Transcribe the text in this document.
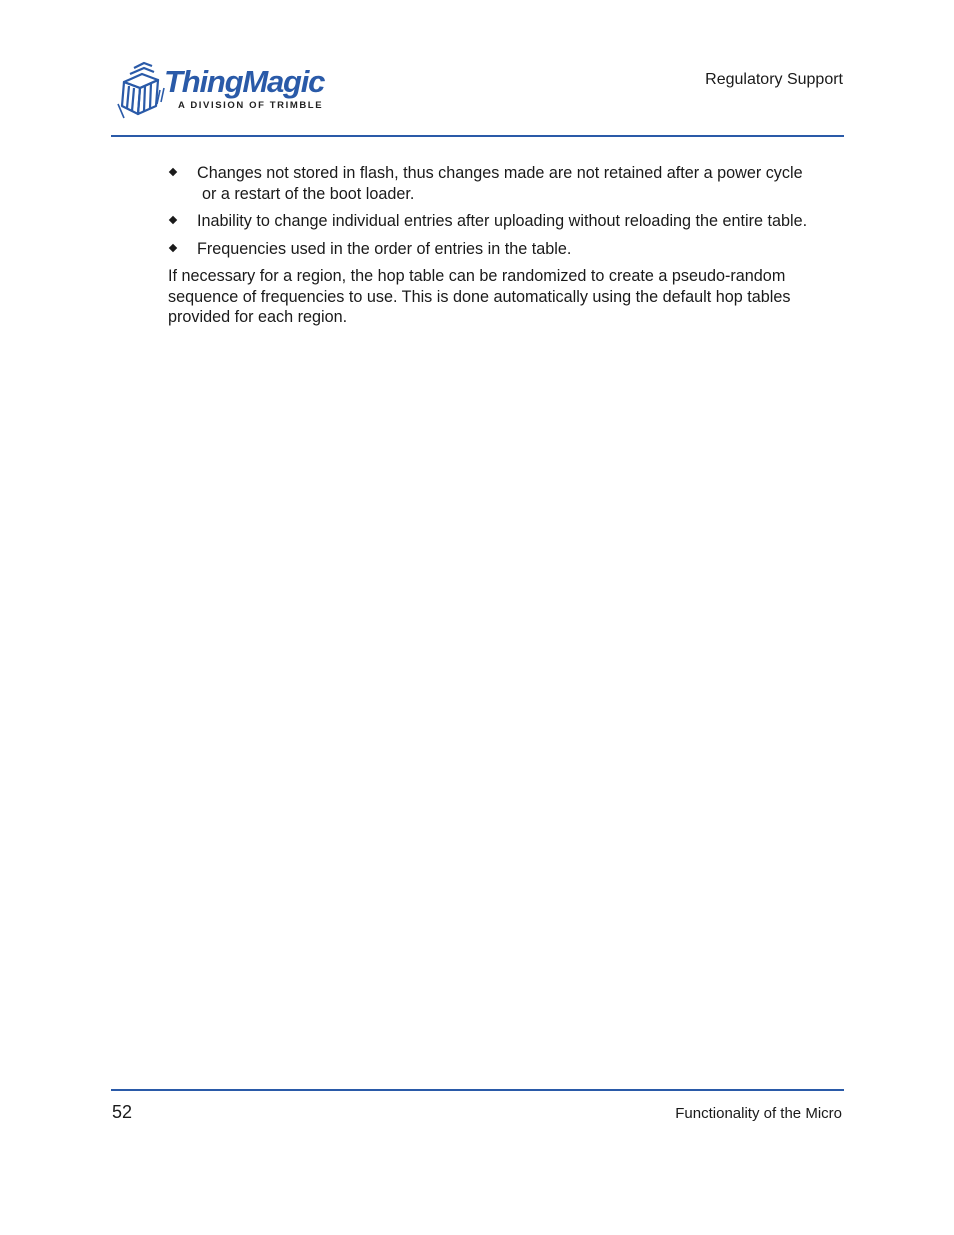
ThingMagic
A DIVISION OF TRIMBLE
Regulatory Support
Changes not stored in flash, thus changes made are not retained after a power cycle
or a restart of the boot loader.
Inability to change individual entries after uploading without reloading the entire table.
Frequencies used in the order of entries in the table.

If necessary for a region, the hop table can be randomized to create a pseudo-random sequence of frequencies to use. This is done automatically using the default hop tables provided for each region.

52	Functionality of the Micro
